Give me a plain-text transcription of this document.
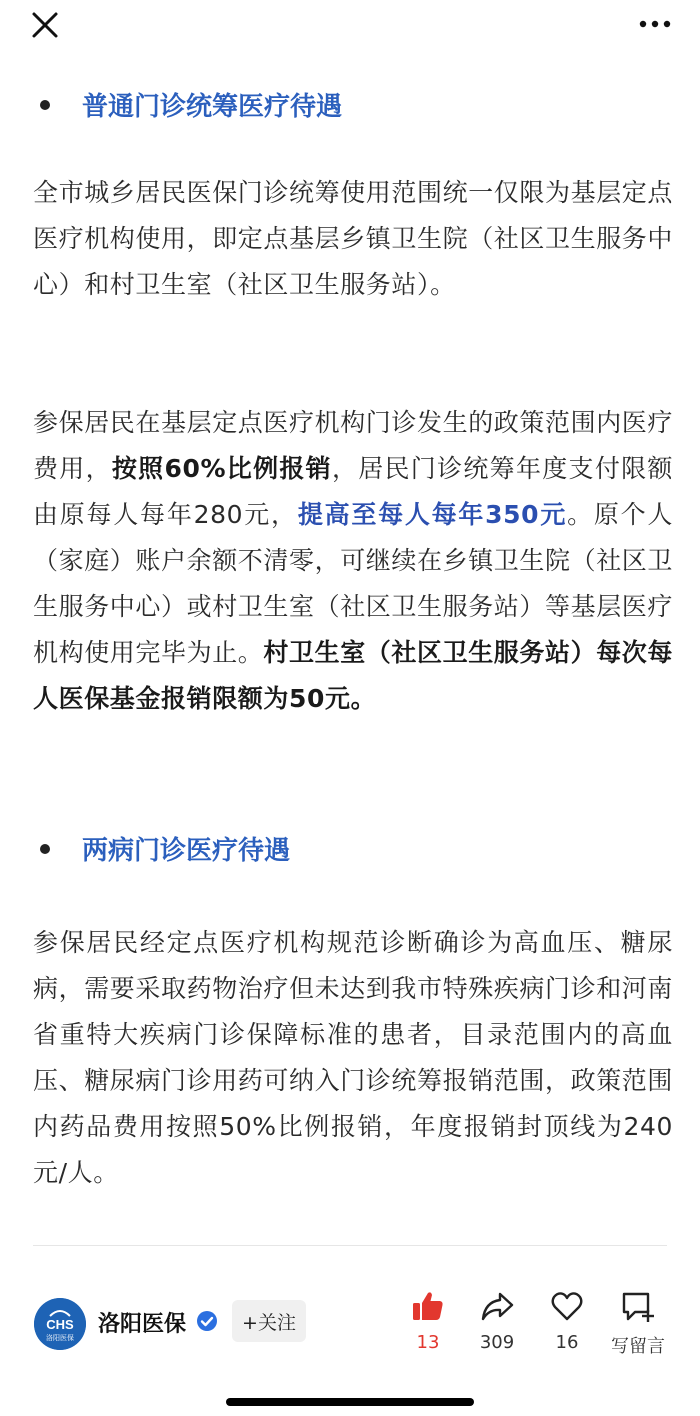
普通门诊统筹医疗待遇

全市城乡居民医保门诊统筹使用范围统一仅限为基层定点医疗机构使用，即定点基层乡镇卫生院（社区卫生服务中心）和村卫生室（社区卫生服务站）。

参保居民在基层定点医疗机构门诊发生的政策范围内医疗费用，按照60%比例报销，居民门诊统筹年度支付限额由原每人每年280元，提高至每人每年350元。原个人（家庭）账户余额不清零，可继续在乡镇卫生院（社区卫生服务中心）或村卫生室（社区卫生服务站）等基层医疗机构使用完毕为止。村卫生室（社区卫生服务站）每次每人医保基金报销限额为50元。

两病门诊医疗待遇

参保居民经定点医疗机构规范诊断确诊为高血压、糖尿病，需要采取药物治疗但未达到我市特殊疾病门诊和河南省重特大疾病门诊保障标准的患者，目录范围内的高血压、糖尿病门诊用药可纳入门诊统筹报销范围，政策范围内药品费用按照50%比例报销，年度报销封顶线为240元/人。

CHS
洛阳医保
洛阳医保	+关注
13 309 16 写留言
